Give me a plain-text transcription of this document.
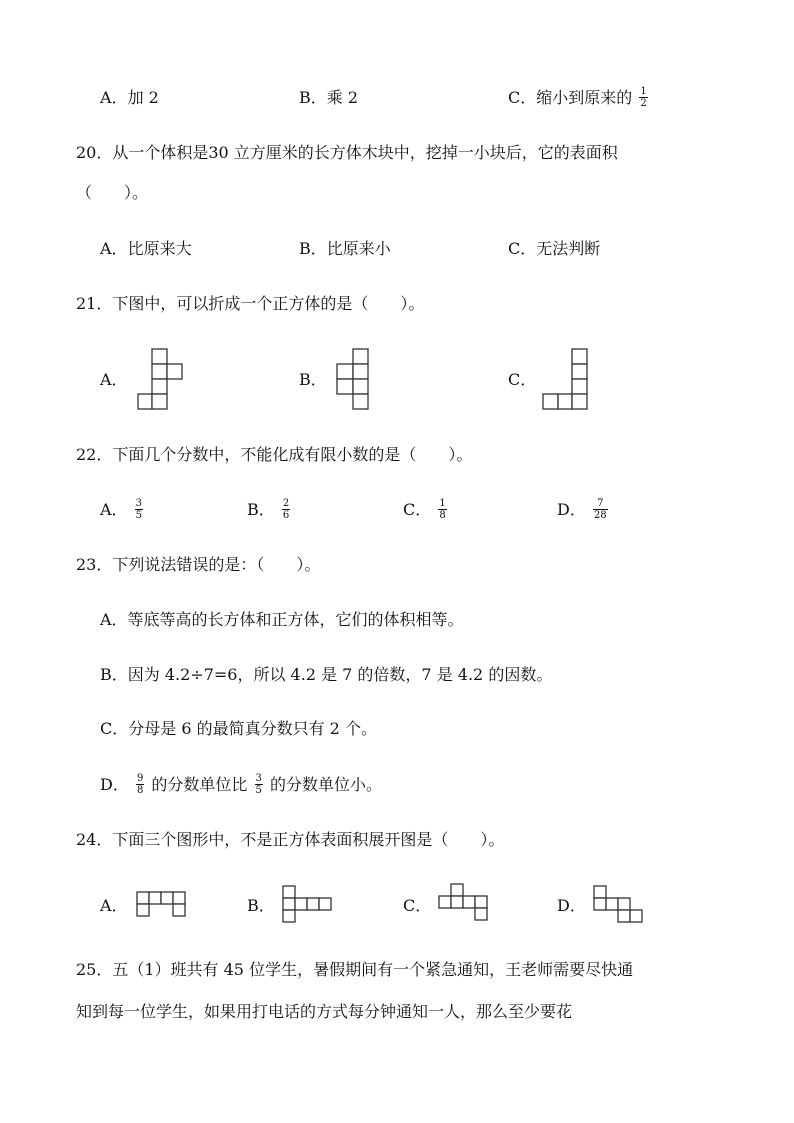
A．加 2	B．乘 2	C．缩小到原来的 $\frac{1}{2}$
20．从一个体积是30 立方厘米的长方体木块中，挖掉一小块后，它的表面积
（　　）。
A．比原来大	B．比原来小	C．无法判断
21．下图中，可以折成一个正方体的是（　　）。
A．	B．	C．
22．下面几个分数中，不能化成有限小数的是（　　）。
A． $\frac{3}{5}$	B． $\frac{2}{6}$	C． $\frac{1}{8}$	D． $\frac{7}{28}$
23．下列说法错误的是：（　　）。
A．等底等高的长方体和正方体，它们的体积相等。
B．因为 4.2÷7=6，所以 4.2 是 7 的倍数，7 是 4.2 的因数。
C．分母是 6 的最简真分数只有 2 个。
D． $\frac{9}{8}$ 的分数单位比 $\frac{3}{5}$ 的分数单位小。
24．下面三个图形中，不是正方体表面积展开图是（　　）。
A．	B．	C．	D．
25．五（1）班共有 45 位学生，暑假期间有一个紧急通知，王老师需要尽快通
知到每一位学生，如果用打电话的方式每分钟通知一人，那么至少要花
